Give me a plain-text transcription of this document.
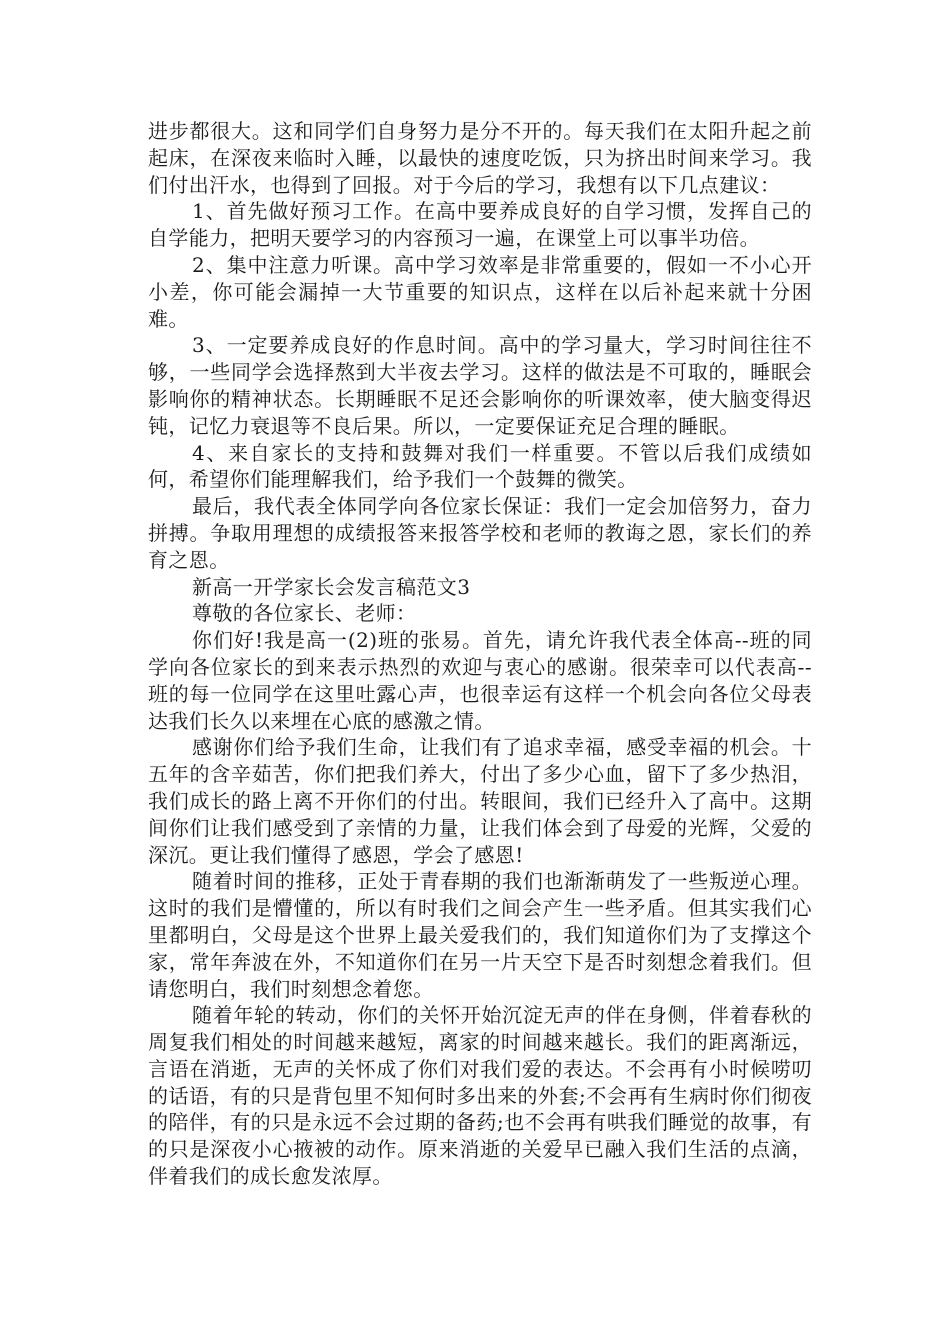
进步都很大。这和同学们自身努力是分不开的。每天我们在太阳升起之前起床，在深夜来临时入睡，以最快的速度吃饭，只为挤出时间来学习。我们付出汗水，也得到了回报。对于今后的学习，我想有以下几点建议：

1、首先做好预习工作。在高中要养成良好的自学习惯，发挥自己的自学能力，把明天要学习的内容预习一遍，在课堂上可以事半功倍。

2、集中注意力听课。高中学习效率是非常重要的，假如一不小心开小差，你可能会漏掉一大节重要的知识点，这样在以后补起来就十分困难。

3、一定要养成良好的作息时间。高中的学习量大，学习时间往往不够，一些同学会选择熬到大半夜去学习。这样的做法是不可取的，睡眠会影响你的精神状态。长期睡眠不足还会影响你的听课效率，使大脑变得迟钝，记忆力衰退等不良后果。所以，一定要保证充足合理的睡眠。

4、来自家长的支持和鼓舞对我们一样重要。不管以后我们成绩如何，希望你们能理解我们，给予我们一个鼓舞的微笑。

最后，我代表全体同学向各位家长保证：我们一定会加倍努力，奋力拼搏。争取用理想的成绩报答来报答学校和老师的教诲之恩，家长们的养育之恩。

新高一开学家长会发言稿范文3

尊敬的各位家长、老师：

你们好!我是高一(2)班的张易。首先，请允许我代表全体高--班的同学向各位家长的到来表示热烈的欢迎与衷心的感谢。很荣幸可以代表高--班的每一位同学在这里吐露心声，也很幸运有这样一个机会向各位父母表达我们长久以来埋在心底的感激之情。

感谢你们给予我们生命，让我们有了追求幸福，感受幸福的机会。十五年的含辛茹苦，你们把我们养大，付出了多少心血，留下了多少热泪，我们成长的路上离不开你们的付出。转眼间，我们已经升入了高中。这期间你们让我们感受到了亲情的力量，让我们体会到了母爱的光辉，父爱的深沉。更让我们懂得了感恩，学会了感恩!

随着时间的推移，正处于青春期的我们也渐渐萌发了一些叛逆心理。这时的我们是懵懂的，所以有时我们之间会产生一些矛盾。但其实我们心里都明白，父母是这个世界上最关爱我们的，我们知道你们为了支撑这个家，常年奔波在外，不知道你们在另一片天空下是否时刻想念着我们。但请您明白，我们时刻想念着您。

随着年轮的转动，你们的关怀开始沉淀无声的伴在身侧，伴着春秋的周复我们相处的时间越来越短，离家的时间越来越长。我们的距离渐远，言语在消逝，无声的关怀成了你们对我们爱的表达。不会再有小时候唠叨的话语，有的只是背包里不知何时多出来的外套;不会再有生病时你们彻夜的陪伴，有的只是永远不会过期的备药;也不会再有哄我们睡觉的故事，有的只是深夜小心掖被的动作。原来消逝的关爱早已融入我们生活的点滴，伴着我们的成长愈发浓厚。
